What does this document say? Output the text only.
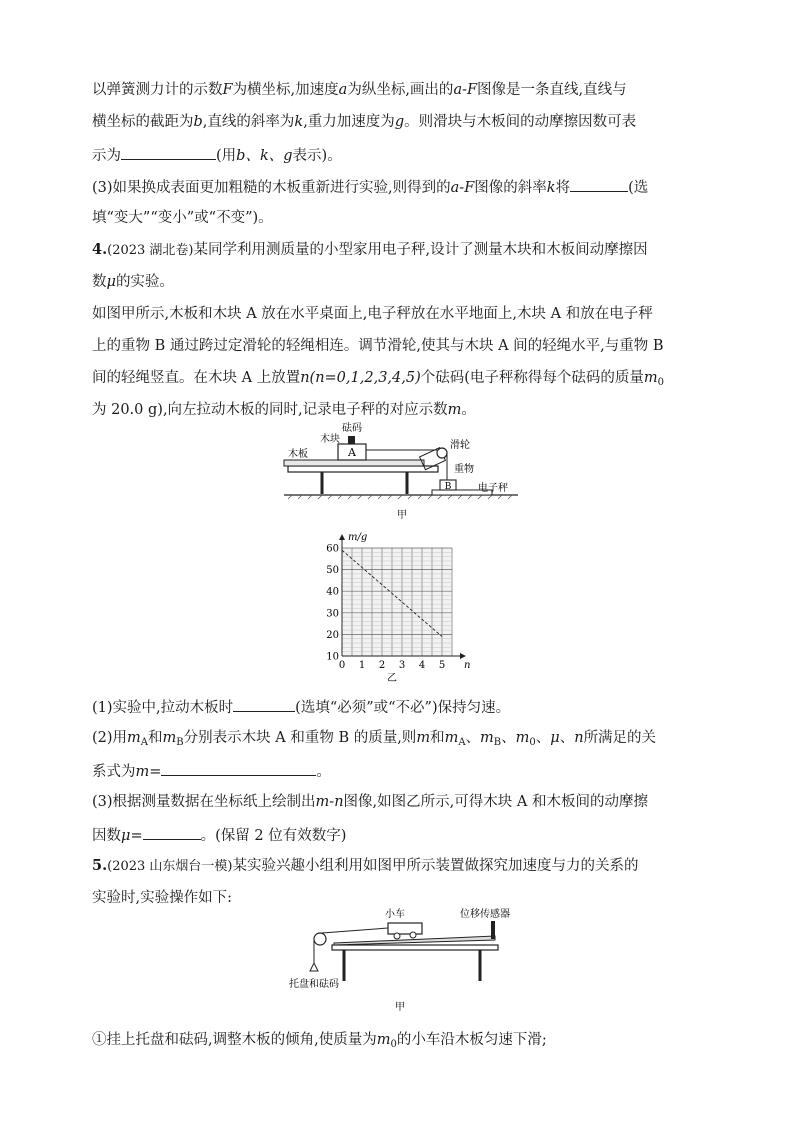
以弹簧测力计的示数F为横坐标,加速度a为纵坐标,画出的a-F图像是一条直线,直线与
横坐标的截距为b,直线的斜率为k,重力加速度为g。则滑块与木板间的动摩擦因数可表
示为	(用b、k、g表示)。
(3)如果换成表面更加粗糙的木板重新进行实验,则得到的a-F图像的斜率k将	(选
填“变大”“变小”或“不变”)。
4.(2023 湖北卷)某同学利用测质量的小型家用电子秤,设计了测量木块和木板间动摩擦因
数μ的实验。
如图甲所示,木板和木块 A 放在水平桌面上,电子秤放在水平地面上,木块 A 和放在电子秤
上的重物 B 通过跨过定滑轮的轻绳相连。调节滑轮,使其与木块 A 间的轻绳水平,与重物 B
间的轻绳竖直。在木块 A 上放置n(n=0,1,2,3,4,5)个砝码(电子秤称得每个砝码的质量$m_0$
为 20.0 g),向左拉动木板的同时,记录电子秤的对应示数m。
A
砝码
木块
木板
滑轮
重物
B	电子秤
甲
10
20
30
40
50
60
0 1 2 3 4 5
m/g
n
乙
(1)实验中,拉动木板时	(选填“必须”或“不必”)保持匀速。
(2)用$m_A$和$m_B$分别表示木块 A 和重物 B 的质量,则m和$m_A$、$m_B$、$m_0$、μ、n所满足的关
系式为m=	。
(3)根据测量数据在坐标纸上绘制出m-n图像,如图乙所示,可得木块 A 和木板间的动摩擦
因数μ=	。(保留 2 位有效数字)
5.(2023 山东烟台一模)某实验兴趣小组利用如图甲所示装置做探究加速度与力的关系的
实验时,实验操作如下:
小车	位移传感器
托盘和砝码
甲
①挂上托盘和砝码,调整木板的倾角,使质量为$m_0$的小车沿木板匀速下滑;
